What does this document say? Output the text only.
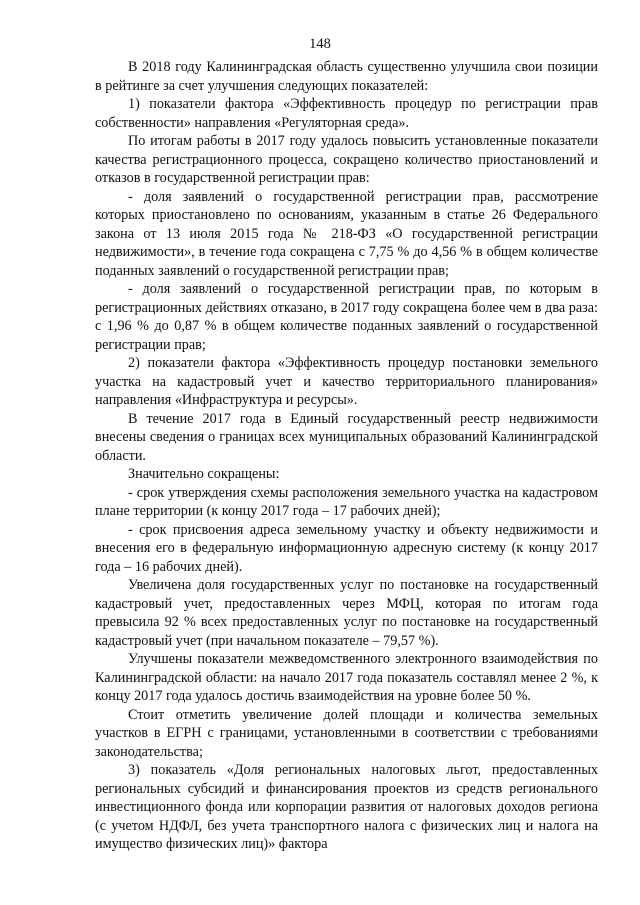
148

В 2018 году Калининградская область существенно улучшила свои позиции в рейтинге за счет улучшения следующих показателей:

1) показатели фактора «Эффективность процедур по регистрации прав собственности» направления «Регуляторная среда».

По итогам работы в 2017 году удалось повысить установленные показатели качества регистрационного процесса, сокращено количество приостановлений и отказов в государственной регистрации прав:

- доля заявлений о государственной регистрации прав, рассмотрение которых приостановлено по основаниям, указанным в статье 26 Федерального закона от 13 июля 2015 года № 218-ФЗ «О государственной регистрации недвижимости», в течение года сокращена с 7,75 % до 4,56 % в общем количестве поданных заявлений о государственной регистрации прав;

- доля заявлений о государственной регистрации прав, по которым в регистрационных действиях отказано, в 2017 году сокращена более чем в два раза: с 1,96 % до 0,87 % в общем количестве поданных заявлений о государственной регистрации прав;

2) показатели фактора «Эффективность процедур постановки земельного участка на кадастровый учет и качество территориального планирования» направления «Инфраструктура и ресурсы».

В течение 2017 года в Единый государственный реестр недвижимости внесены сведения о границах всех муниципальных образований Калининградской области.

Значительно сокращены:

- срок утверждения схемы расположения земельного участка на кадастровом плане территории (к концу 2017 года – 17 рабочих дней);

- срок присвоения адреса земельному участку и объекту недвижимости и внесения его в федеральную информационную адресную систему (к концу 2017 года – 16 рабочих дней).

Увеличена доля государственных услуг по постановке на государственный кадастровый учет, предоставленных через МФЦ, которая по итогам года превысила 92 % всех предоставленных услуг по постановке на государственный кадастровый учет (при начальном показателе – 79,57 %).

Улучшены показатели межведомственного электронного взаимодействия по Калининградской области: на начало 2017 года показатель составлял менее 2 %, к концу 2017 года удалось достичь взаимодействия на уровне более 50 %.

Стоит отметить увеличение долей площади и количества земельных участков в ЕГРН с границами, установленными в соответствии с требованиями законодательства;

3) показатель «Доля региональных налоговых льгот, предоставленных региональных субсидий и финансирования проектов из средств регионального инвестиционного фонда или корпорации развития от налоговых доходов региона (с учетом НДФЛ, без учета транспортного налога с физических лиц и налога на имущество физических лиц)» фактора
